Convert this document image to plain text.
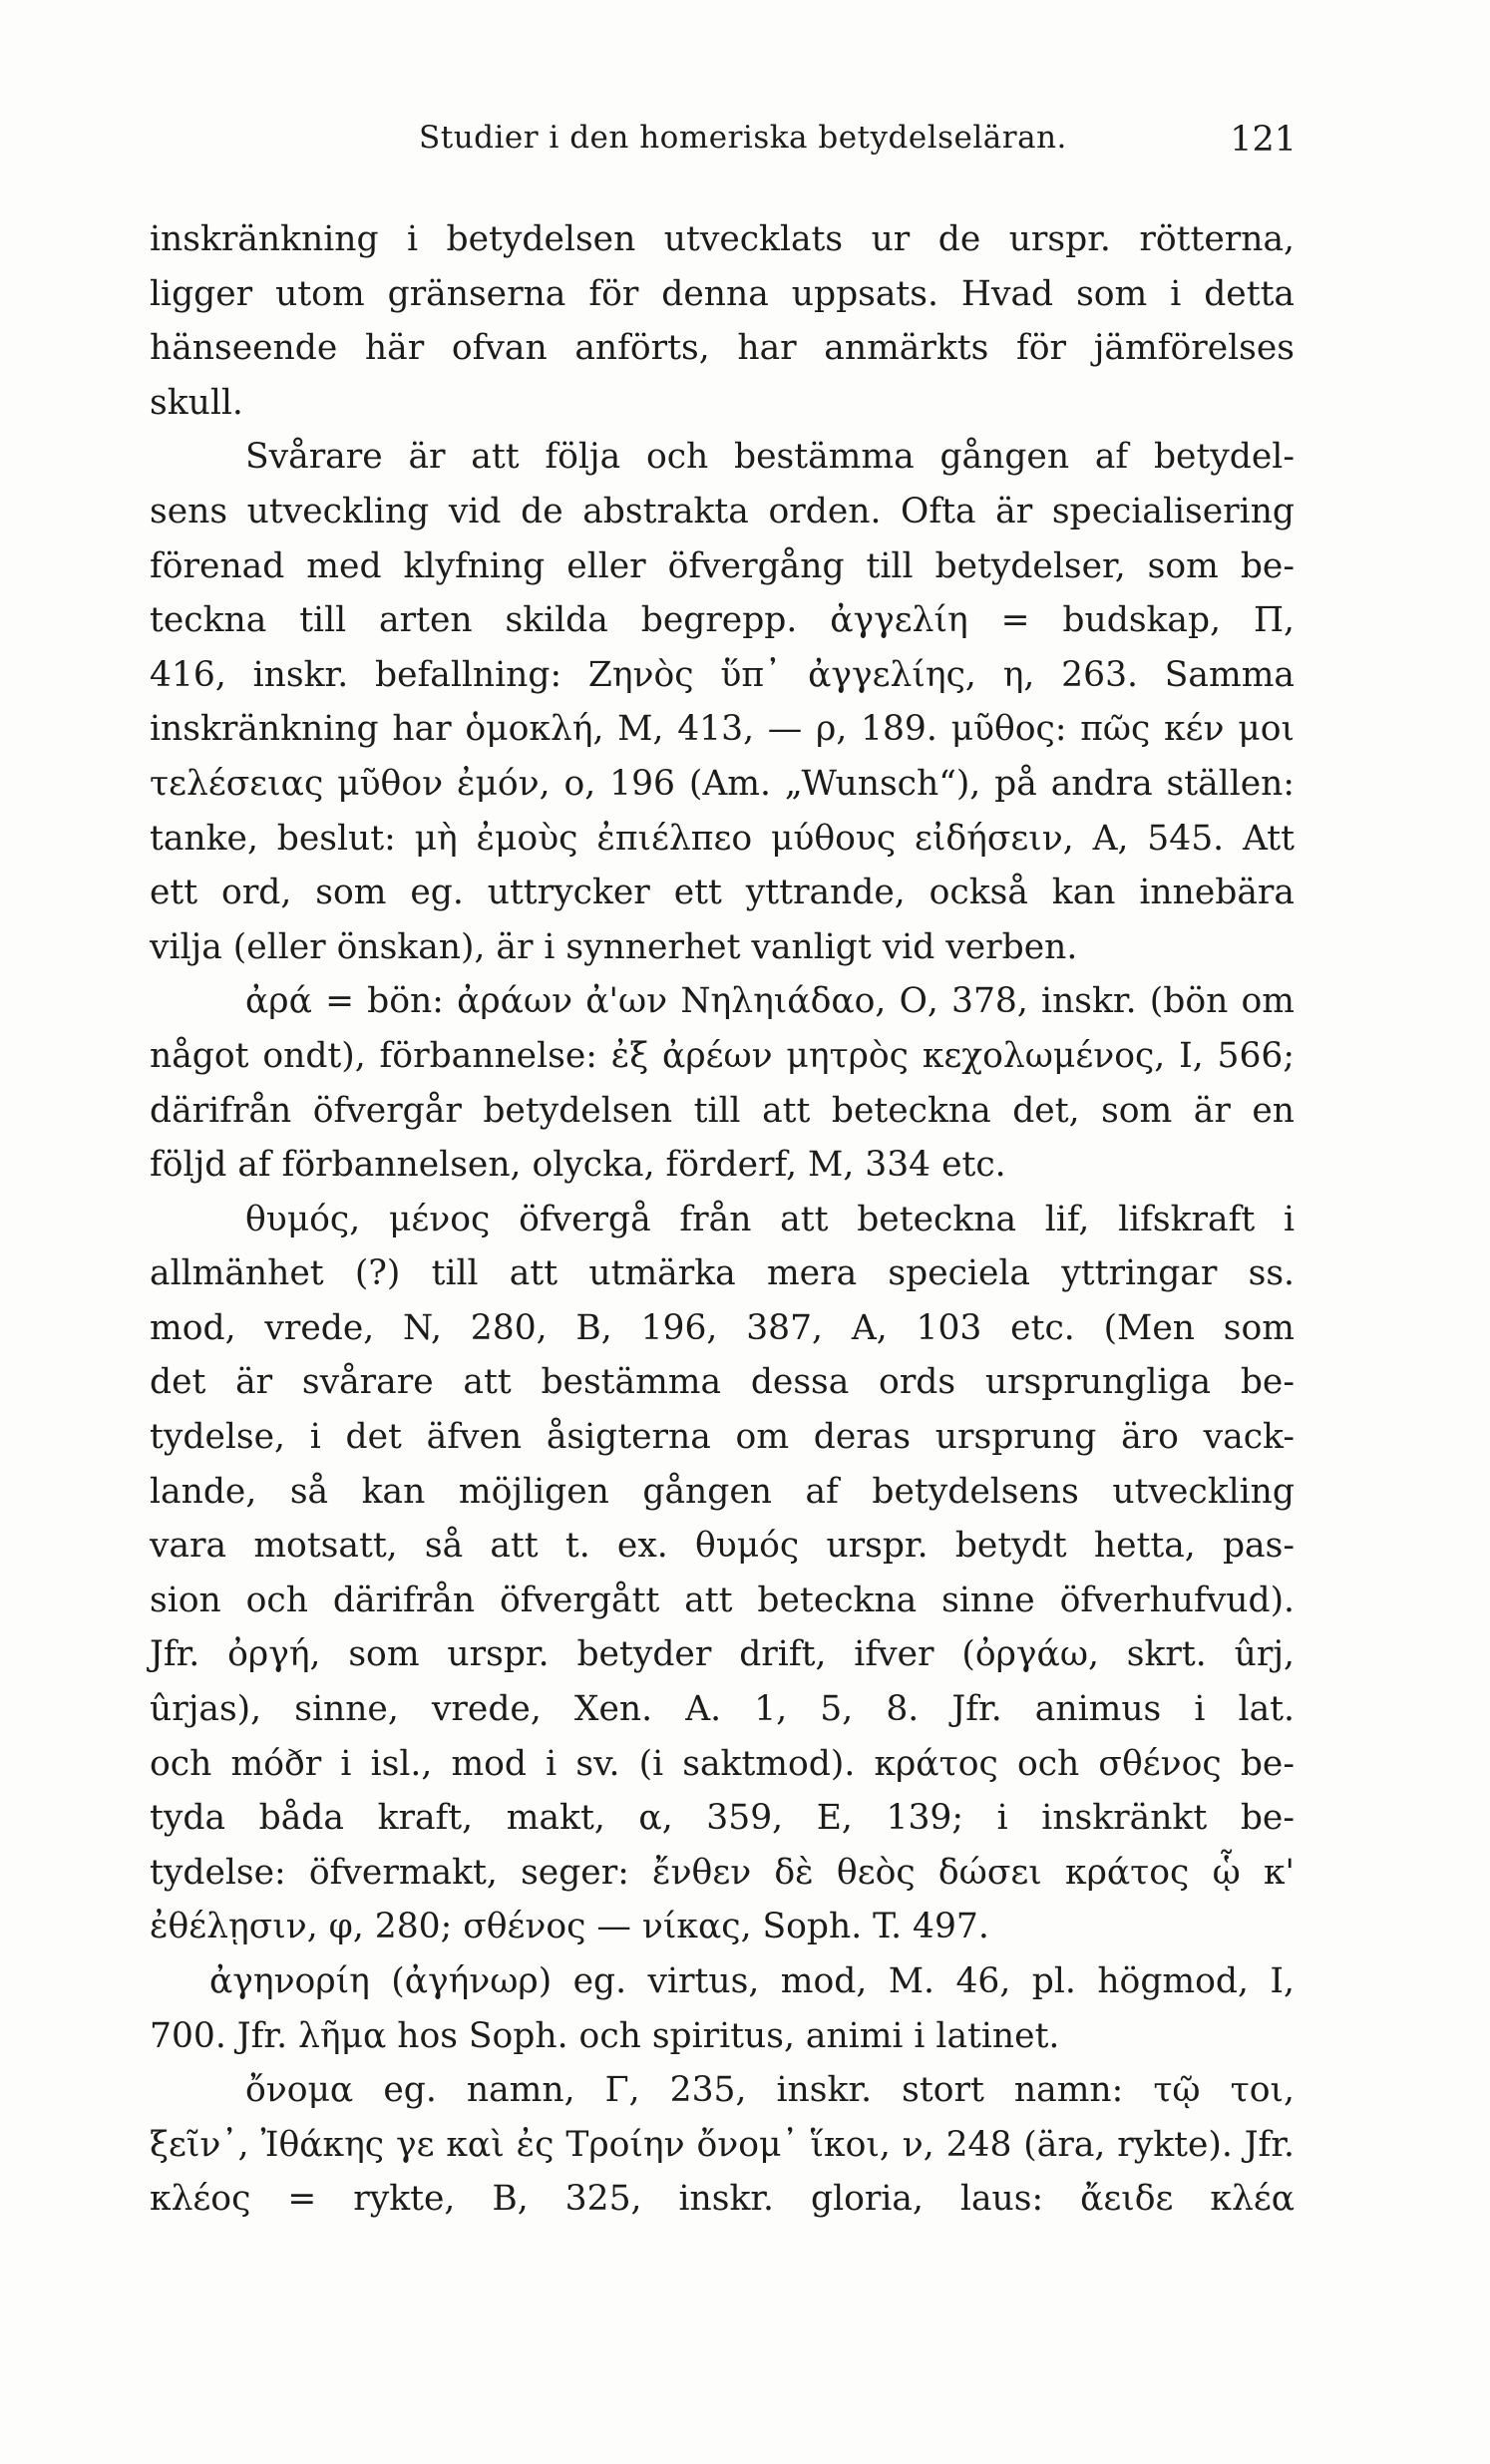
Studier i den homeriska betydelseläran.	121
inskränkning i betydelsen utvecklats ur de urspr. rötterna,
ligger utom gränserna för denna uppsats. Hvad som i detta
hänseende här ofvan anförts, har anmärkts för jämförelses
skull.
Svårare är att följa och bestämma gången af betydel-
sens utveckling vid de abstrakta orden. Ofta är specialisering
förenad med klyfning eller öfvergång till betydelser, som be-
teckna till arten skilda begrepp. ἀγγελίη = budskap, Π,
416, inskr. befallning: Ζηνὸς ὕπ᾽ ἀγγελίης, η, 263. Samma
inskränkning har ὁμοκλή, M, 413, — ρ, 189. μῦθος: πῶς κέν μοι
τελέσειας μῦθον ἐμόν, ο, 196 (Am. „Wunsch“), på andra ställen:
tanke, beslut: μὴ ἐμοὺς ἐπιέλπεο μύθους εἰδήσειν, Α, 545. Att
ett ord, som eg. uttrycker ett yttrande, också kan innebära
vilja (eller önskan), är i synnerhet vanligt vid verben.
ἀρά = bön: ἀράων ἀ'ων Νηληιάδαο, Ο, 378, inskr. (bön om
något ondt), förbannelse: ἐξ ἀρέων μητρὸς κεχολωμένος, Ι, 566;
därifrån öfvergår betydelsen till att beteckna det, som är en
följd af förbannelsen, olycka, förderf, M, 334 etc.
θυμός, μένος öfvergå från att beteckna lif, lifskraft i
allmänhet (?) till att utmärka mera speciela yttringar ss.
mod, vrede, N, 280, B, 196, 387, Α, 103 etc. (Men som
det är svårare att bestämma dessa ords ursprungliga be-
tydelse, i det äfven åsigterna om deras ursprung äro vack-
lande, så kan möjligen gången af betydelsens utveckling
vara motsatt, så att t. ex. θυμός urspr. betydt hetta, pas-
sion och därifrån öfvergått att beteckna sinne öfverhufvud).
Jfr. ὀργή, som urspr. betyder drift, ifver (ὀργάω, skrt. ûrj,
ûrjas), sinne, vrede, Xen. A. 1, 5, 8. Jfr. animus i lat.
och móðr i isl., mod i sv. (i saktmod). κράτος och σθένος be-
tyda båda kraft, makt, α, 359, Ε, 139; i inskränkt be-
tydelse: öfvermakt, seger: ἔνθεν δὲ θεὸς δώσει κράτος ᾧ κ'
ἐθέλῃσιν, φ, 280; σθένος — νίκας, Soph. T. 497.
ἀγηνορίη (ἀγήνωρ) eg. virtus, mod, M. 46, pl. högmod, Ι,
700. Jfr. λῆμα hos Soph. och spiritus, animi i latinet.
ὄνομα eg. namn, Γ, 235, inskr. stort namn: τῷ τοι,
ξεῖν᾽, Ἰθάκης γε καὶ ἐς Τροίην ὄνομ᾽ ἵκοι, ν, 248 (ära, rykte). Jfr.
κλέος = rykte, B, 325, inskr. gloria, laus: ἄειδε κλέα
